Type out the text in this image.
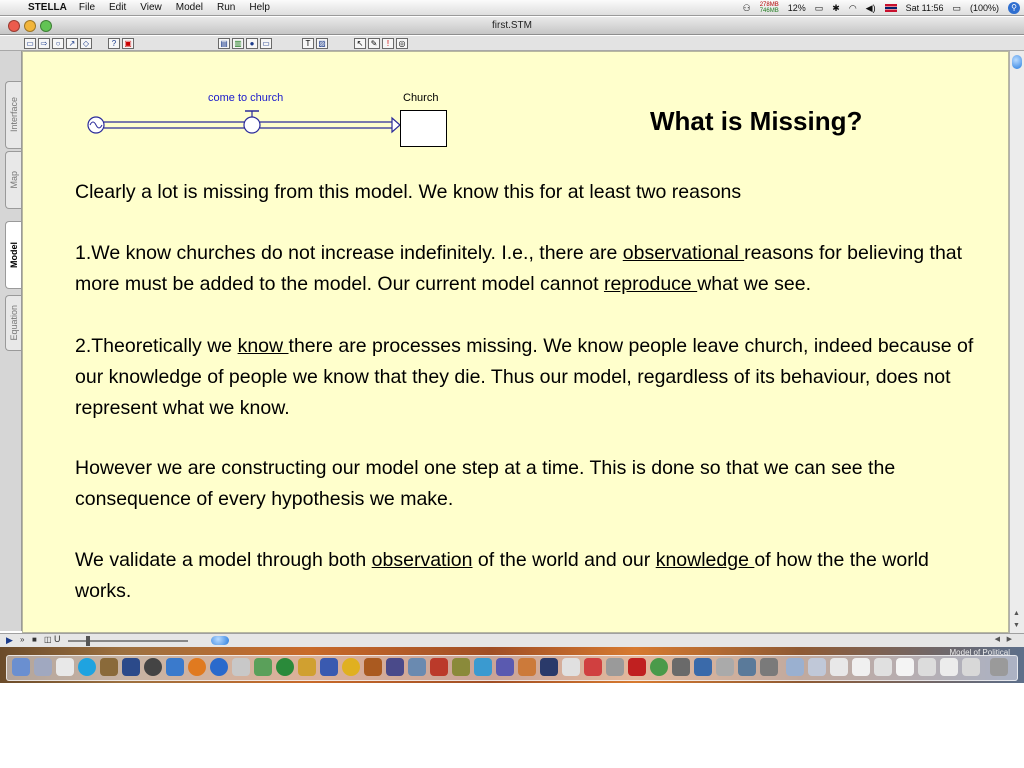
STELLA File Edit View Model Run Help	⚇ 278MB
746MB 12% ▭ ✱ ◠ ◀)	Sat 11:56 ▭ (100%)	⚲
first.STM
▭ ⇨	○	↗ ◇	?	▣	▤ ▥ ● ▭	T ▨	↖ ✎	!	◎
Interface
Map
Model
Equation
come to church	Church
What is Missing?
Clearly a lot is missing from this model. We know this for at least two reasons
1.We know churches do not increase indefinitely. I.e., there are observational reasons for believing that more must be added to the model. Our current model cannot reproduce what we see.
2.Theoretically we know there are processes missing. We know people leave church, indeed because of our knowledge of people we know that they die. Thus our model, regardless of its behaviour, does not represent what we know.
However we are constructing our model one step at a time. This is done so that we can see the consequence of every hypothesis we make.
We validate a model through both observation of the world and our knowledge of how the the world works.
▲
▼
▶ » ■ ◫ U	◀ ▶
Model of Political
